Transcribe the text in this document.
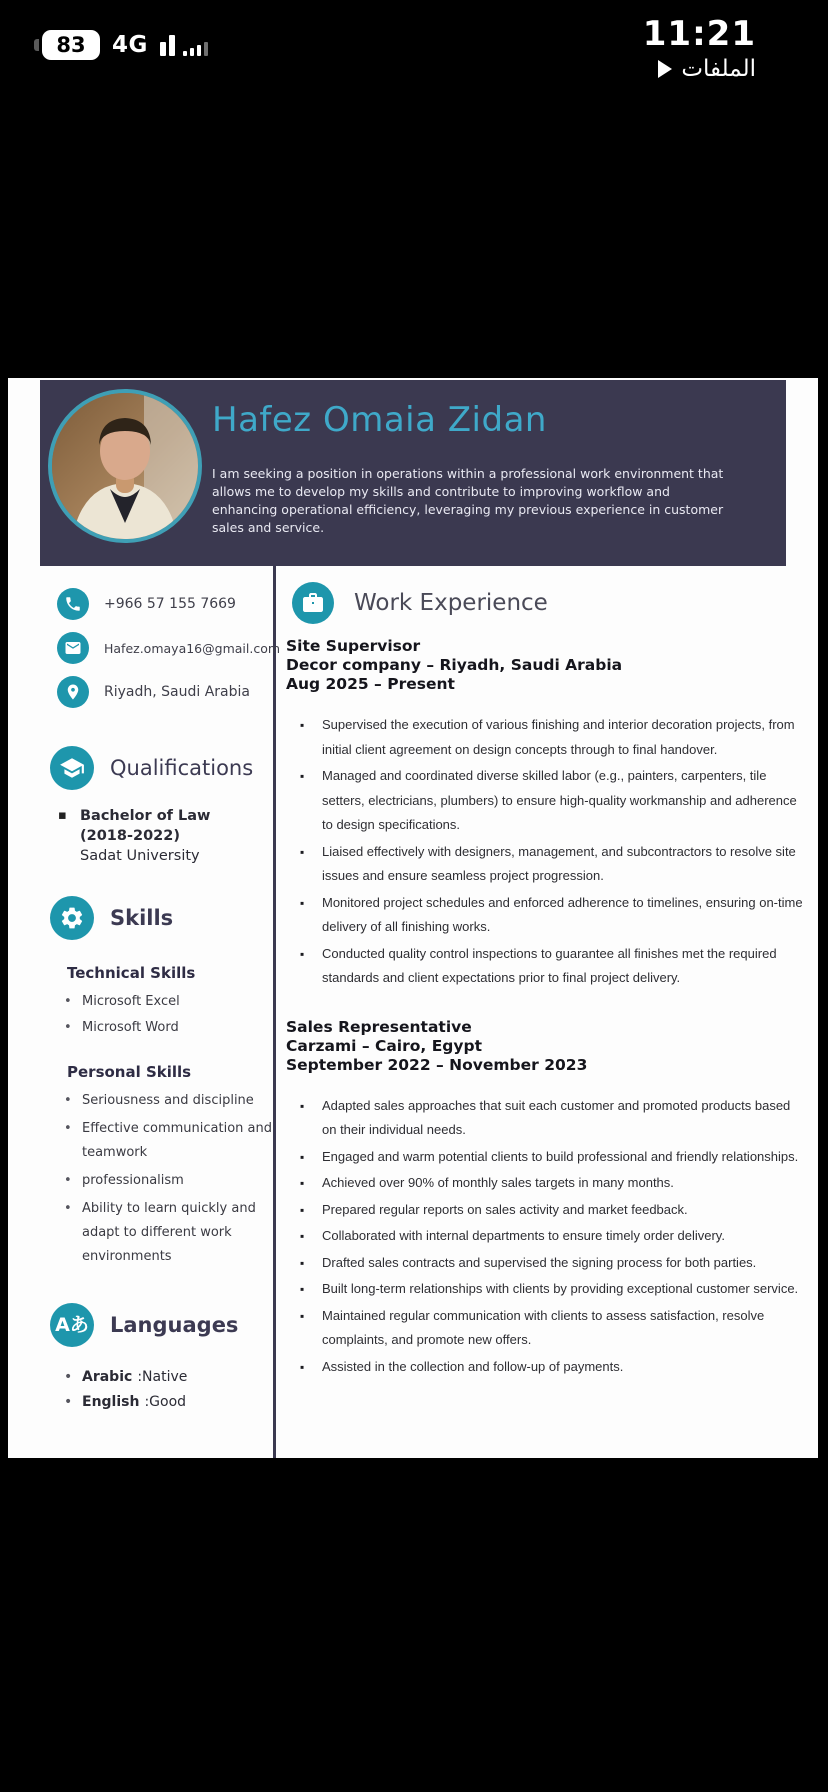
83 4G	11:21
الملفات
Hafez Omaia Zidan
I am seeking a position in operations within a professional work environment that allows me to develop my skills and contribute to improving workflow and enhancing operational efficiency, leveraging my previous experience in customer sales and service.
+966 57 155 7669
Hafez.omaya16@gmail.com
Riyadh, Saudi Arabia
Qualifications
▪ Bachelor of Law
(2018-2022)
Sadat University
Skills
Technical Skills
• Microsoft Excel
• Microsoft Word
Personal Skills
• Seriousness and discipline
• Effective communication and teamwork
• professionalism
• Ability to learn quickly and adapt to different work environments
Aあ Languages
• Arabic :Native
• English :Good
Work Experience
Site Supervisor
Decor company – Riyadh, Saudi Arabia
Aug 2025 – Present
▪ Supervised the execution of various finishing and interior decoration projects, from initial client agreement on design concepts through to final handover.
▪ Managed and coordinated diverse skilled labor (e.g., painters, carpenters, tile setters, electricians, plumbers) to ensure high-quality workmanship and adherence to design specifications.
▪ Liaised effectively with designers, management, and subcontractors to resolve site issues and ensure seamless project progression.
▪ Monitored project schedules and enforced adherence to timelines, ensuring on-time delivery of all finishing works.
▪ Conducted quality control inspections to guarantee all finishes met the required standards and client expectations prior to final project delivery.
Sales Representative
Carzami – Cairo, Egypt
September 2022 – November 2023
▪ Adapted sales approaches that suit each customer and promoted products based on their individual needs.
▪ Engaged and warm potential clients to build professional and friendly relationships.
▪ Achieved over 90% of monthly sales targets in many months.
▪ Prepared regular reports on sales activity and market feedback.
▪ Collaborated with internal departments to ensure timely order delivery.
▪ Drafted sales contracts and supervised the signing process for both parties.
▪ Built long-term relationships with clients by providing exceptional customer service.
▪ Maintained regular communication with clients to assess satisfaction, resolve complaints, and promote new offers.
▪ Assisted in the collection and follow-up of payments.
